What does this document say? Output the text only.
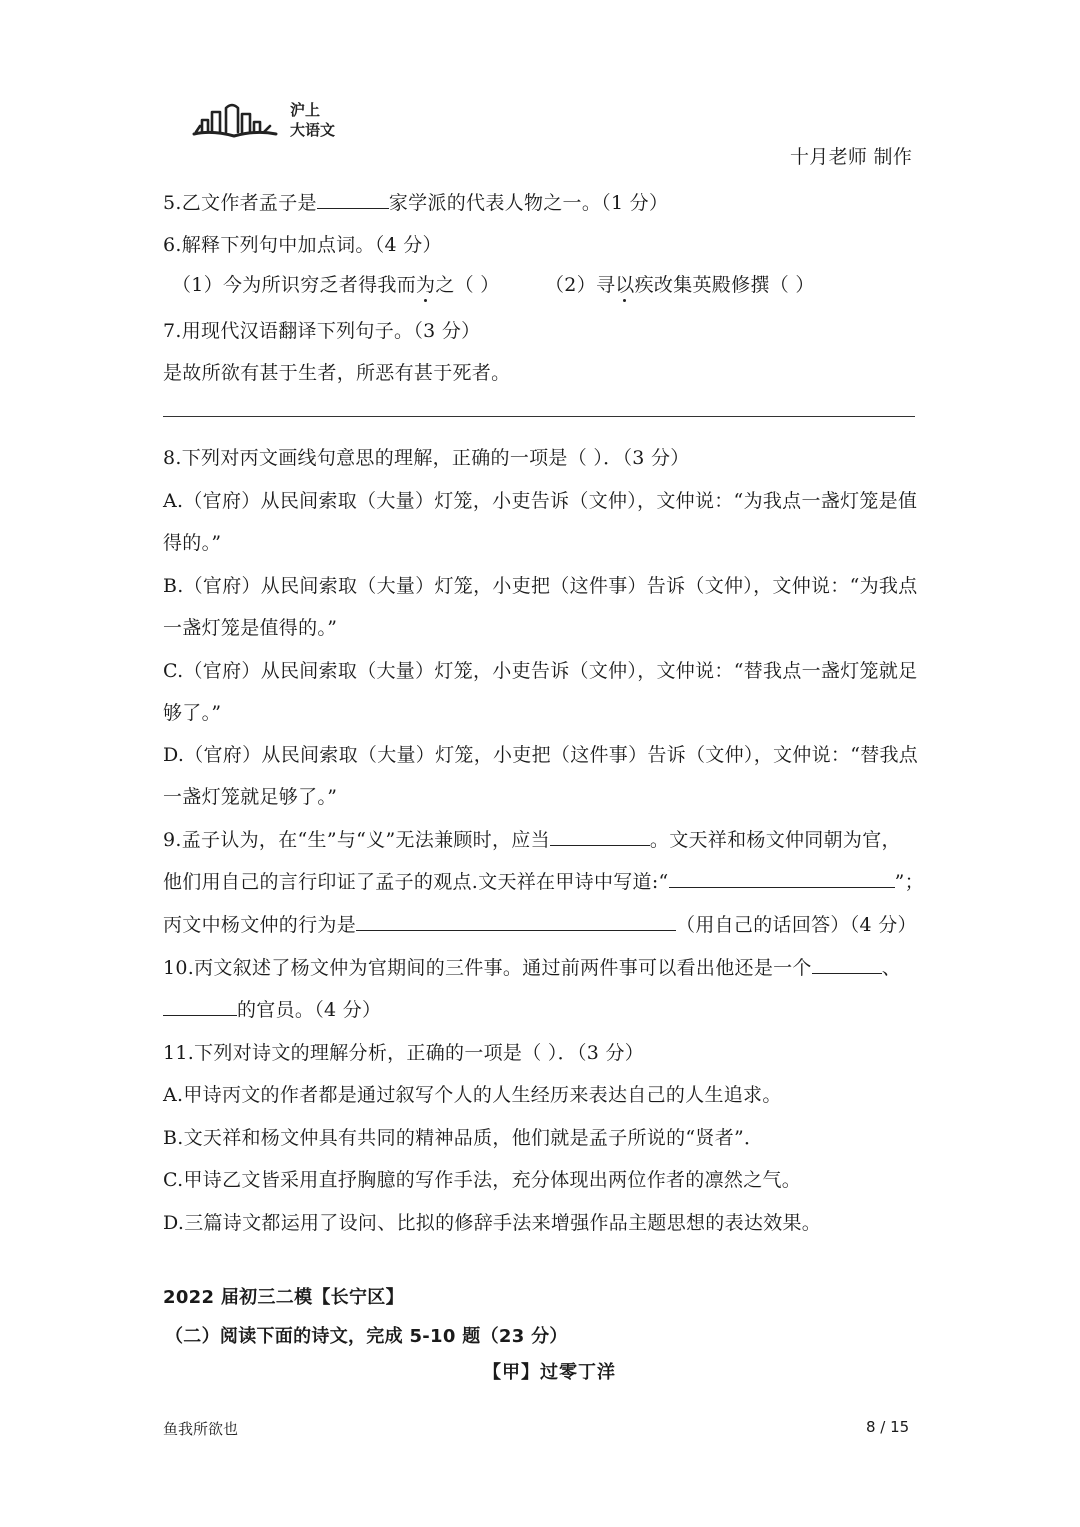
沪上
大语文
十月老师 制作
5.乙文作者孟子是	家学派的代表人物之一。（1 分）
6.解释下列句中加点词。（4 分）
（1）今为所识穷乏者得我而为之（ ） （2）寻以疾改集英殿修撰（ ）
7.用现代汉语翻译下列句子。（3 分）
是故所欲有甚于生者，所恶有甚于死者。
8.下列对丙文画线句意思的理解，正确的一项是（ ）．（3 分）
A.（官府）从民间索取（大量）灯笼，小吏告诉（文仲），文仲说：“为我点一盏灯笼是值
得的。”
B.（官府）从民间索取（大量）灯笼，小吏把（这件事）告诉（文仲），文仲说：“为我点
一盏灯笼是值得的。”
C.（官府）从民间索取（大量）灯笼，小吏告诉（文仲），文仲说：“替我点一盏灯笼就足
够了。”
D.（官府）从民间索取（大量）灯笼，小吏把（这件事）告诉（文仲），文仲说：“替我点
一盏灯笼就足够了。”
9.孟子认为，在“生”与“义”无法兼顾时，应当	。文天祥和杨文仲同朝为官，
他们用自己的言行印证了孟子的观点.文天祥在甲诗中写道:“	”；
丙文中杨文仲的行为是	（用自己的话回答）（4 分）
10.丙文叙述了杨文仲为官期间的三件事。通过前两件事可以看出他还是一个	、
的官员。（4 分）
11.下列对诗文的理解分析，正确的一项是（ ）．（3 分）
A.甲诗丙文的作者都是通过叙写个人的人生经历来表达自己的人生追求。
B.文天祥和杨文仲具有共同的精神品质，他们就是孟子所说的“贤者”．
C.甲诗乙文皆采用直抒胸臆的写作手法，充分体现出两位作者的凛然之气。
D.三篇诗文都运用了设问、比拟的修辞手法来增强作品主题思想的表达效果。
2022 届初三二模【长宁区】
（二）阅读下面的诗文，完成 5-10 题（23 分）
【甲】过零丁洋
鱼我所欲也	8 / 15
